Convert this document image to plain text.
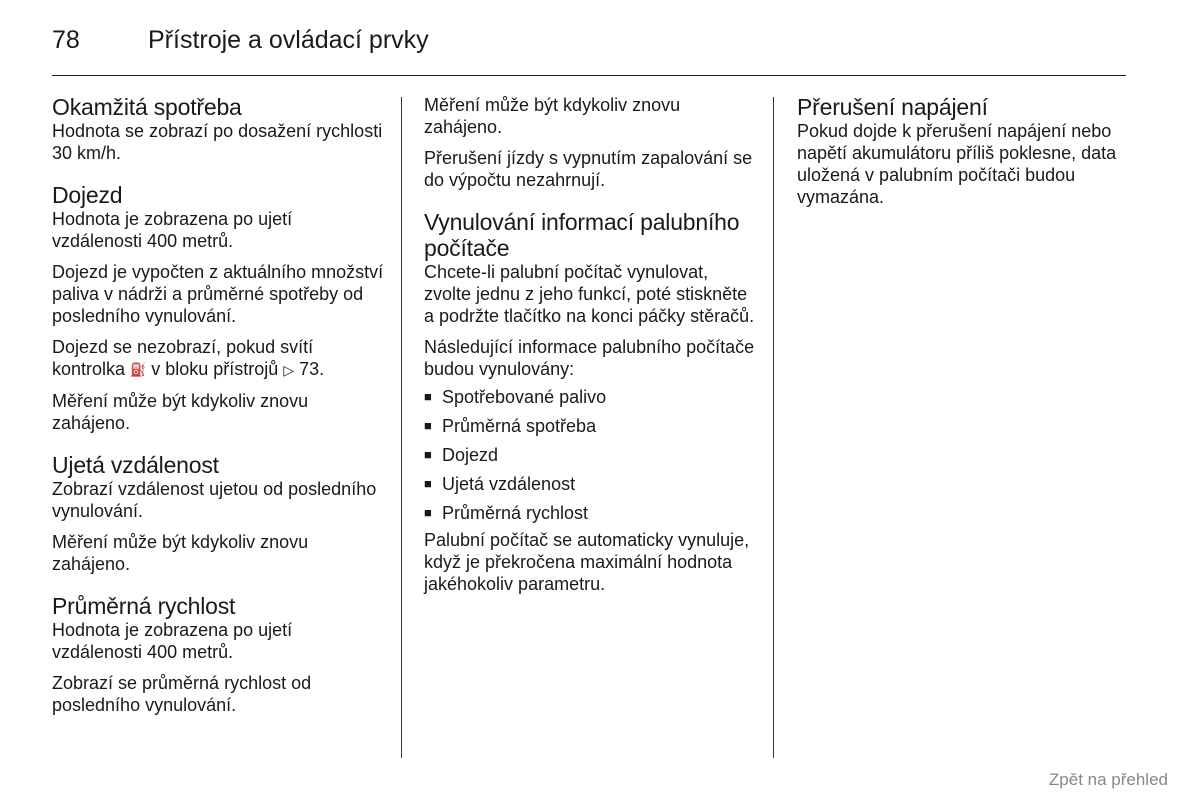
78	Přístroje a ovládací prvky
Okamžitá spotřeba

Hodnota se zobrazí po dosažení rychlosti 30 km/h.

Dojezd

Hodnota je zobrazena po ujetí vzdálenosti 400 metrů.

Dojezd je vypočten z aktuálního množství paliva v nádrži a průměrné spotřeby od posledního vynulování.

Dojezd se nezobrazí, pokud svítí kontrolka ⛽ v bloku přístrojů ▷ 73.

Měření může být kdykoliv znovu zahájeno.

Ujetá vzdálenost

Zobrazí vzdálenost ujetou od posledního vynulování.

Měření může být kdykoliv znovu zahájeno.

Průměrná rychlost

Hodnota je zobrazena po ujetí vzdálenosti 400 metrů.

Zobrazí se průměrná rychlost od posledního vynulování.

Měření může být kdykoliv znovu zahájeno.

Přerušení jízdy s vypnutím zapalování se do výpočtu nezahrnují.

Vynulování informací palubního počítače

Chcete-li palubní počítač vynulovat, zvolte jednu z jeho funkcí, poté stiskněte a podržte tlačítko na konci páčky stěračů.

Následující informace palubního počítače budou vynulovány:

■ Spotřebované palivo
■ Průměrná spotřeba
■ Dojezd
■ Ujetá vzdálenost
■ Průměrná rychlost

Palubní počítač se automaticky vynuluje, když je překročena maximální hodnota jakéhokoliv parametru.

Přerušení napájení

Pokud dojde k přerušení napájení nebo napětí akumulátoru příliš poklesne, data uložená v palubním počítači budou vymazána.

Zpět na přehled
